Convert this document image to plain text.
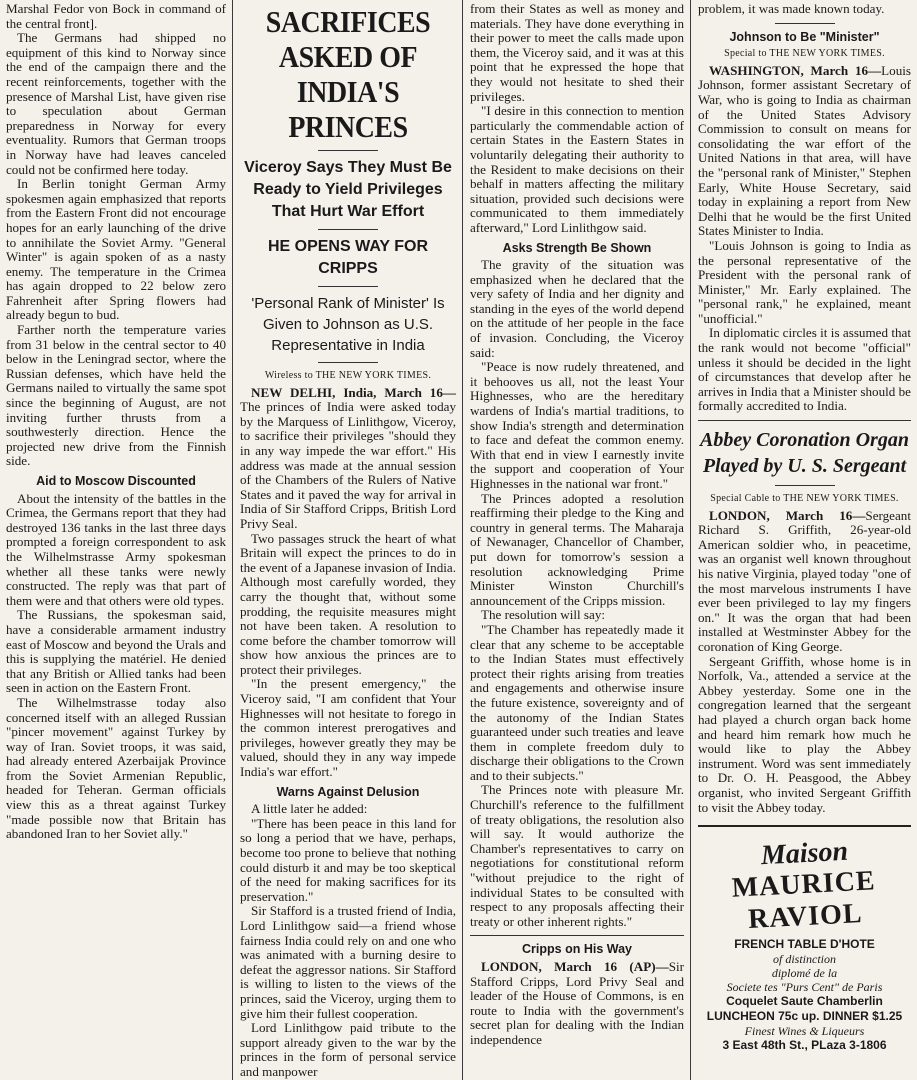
Marshal Fedor von Bock in command of the central front].

The Germans had shipped no equipment of this kind to Norway since the end of the campaign there and the recent reinforcements, together with the presence of Marshal List, have given rise to speculation about German preparedness in Norway for every eventuality. Rumors that German troops in Norway have had leaves canceled could not be confirmed here today.

In Berlin tonight German Army spokesmen again emphasized that reports from the Eastern Front did not encourage hopes for an early launching of the drive to annihilate the Soviet Army. "General Winter" is again spoken of as a nasty enemy. The temperature in the Crimea has again dropped to 22 below zero Fahrenheit after Spring flowers had already begun to bud.

Farther north the temperature varies from 31 below in the central sector to 40 below in the Leningrad sector, where the Russian defenses, which have held the Germans nailed to virtually the same spot since the beginning of August, are not inviting further thrusts from a southwesterly direction. Hence the projected new drive from the Finnish side.

Aid to Moscow Discounted

About the intensity of the battles in the Crimea, the Germans report that they had destroyed 136 tanks in the last three days prompted a foreign correspondent to ask the Wilhelmstrasse Army spokesman whether all these tanks were newly constructed. The reply was that part of them were and that others were old types.

The Russians, the spokesman said, have a considerable armament industry east of Moscow and beyond the Urals and this is supplying the matériel. He denied that any British or Allied tanks had been seen in action on the Eastern Front.

The Wilhelmstrasse today also concerned itself with an alleged Russian "pincer movement" against Turkey by way of Iran. Soviet troops, it was said, had already entered Azerbaijak Province from the Soviet Armenian Republic, headed for Teheran. German officials view this as a threat against Turkey "made possible now that Britain has abandoned Iran to her Soviet ally."

SACRIFICES ASKED OF INDIA'S PRINCES
Viceroy Says They Must Be Ready to Yield Privileges That Hurt War Effort
HE OPENS WAY FOR CRIPPS
'Personal Rank of Minister' Is Given to Johnson as U.S. Representative in India
Wireless to THE NEW YORK TIMES.

NEW DELHI, India, March 16—The princes of India were asked today by the Marquess of Linlithgow, Viceroy, to sacrifice their privileges "should they in any way impede the war effort." His address was made at the annual session of the Chambers of the Rulers of Native States and it paved the way for arrival in India of Sir Stafford Cripps, British Lord Privy Seal.

Two passages struck the heart of what Britain will expect the princes to do in the event of a Japanese invasion of India. Although most carefully worded, they carry the thought that, without some prodding, the requisite measures might not have been taken. A resolution to come before the chamber tomorrow will show how anxious the princes are to protect their privileges.

"In the present emergency," the Viceroy said, "I am confident that Your Highnesses will not hesitate to forego in the common interest prerogatives and privileges, however greatly they may be valued, should they in any way impede India's war effort."

Warns Against Delusion

A little later he added:

"There has been peace in this land for so long a period that we have, perhaps, become too prone to believe that nothing could disturb it and may be too skeptical of the need for making sacrifices for its preservation."

Sir Stafford is a trusted friend of India, Lord Linlithgow said—a friend whose fairness India could rely on and one who was animated with a burning desire to defeat the aggressor nations. Sir Stafford is willing to listen to the views of the princes, said the Viceroy, urging them to give him their fullest cooperation.

Lord Linlithgow paid tribute to the support already given to the war by the princes in the form of personal service and manpower

from their States as well as money and materials. They have done everything in their power to meet the calls made upon them, the Viceroy said, and it was at this point that he expressed the hope that they would not hesitate to shed their privileges.

"I desire in this connection to mention particularly the commendable action of certain States in the Eastern States in voluntarily delegating their authority to the Resident to make decisions on their behalf in matters affecting the military situation, provided such decisions were communicated to them immediately afterward," Lord Linlithgow said.

Asks Strength Be Shown

The gravity of the situation was emphasized when he declared that the very safety of India and her dignity and standing in the eyes of the world depend on the attitude of her people in the face of invasion. Concluding, the Viceroy said:

"Peace is now rudely threatened, and it behooves us all, not the least Your Highnesses, who are the hereditary wardens of India's martial traditions, to show India's strength and determination to face and defeat the common enemy. With that end in view I earnestly invite the support and cooperation of Your Highnesses in the national war front."

The Princes adopted a resolution reaffirming their pledge to the King and country in general terms. The Maharaja of Newanager, Chancellor of Chamber, put down for tomorrow's session a resolution acknowledging Prime Minister Winston Churchill's announcement of the Cripps mission.

The resolution will say:

"The Chamber has repeatedly made it clear that any scheme to be acceptable to the Indian States must effectively protect their rights arising from treaties and engagements and otherwise insure the future existence, sovereignty and of the autonomy of the Indian States guaranteed under such treaties and leave them in complete freedom duly to discharge their obligations to the Crown and to their subjects."

The Princes note with pleasure Mr. Churchill's reference to the fulfillment of treaty obligations, the resolution also will say. It would authorize the Chamber's representatives to carry on negotiations for constitutional reform "without prejudice to the right of individual States to be consulted with respect to any proposals affecting their treaty or other inherent rights."

Cripps on His Way

LONDON, March 16 (AP)—Sir Stafford Cripps, Lord Privy Seal and leader of the House of Commons, is en route to India with the government's secret plan for dealing with the Indian independence

problem, it was made known today.

Johnson to Be "Minister"
Special to THE NEW YORK TIMES.

WASHINGTON, March 16—Louis Johnson, former assistant Secretary of War, who is going to India as chairman of the United States Advisory Commission to consult on means for consolidating the war effort of the United Nations in that area, will have the "personal rank of Minister," Stephen Early, White House Secretary, said today in explaining a report from New Delhi that he would be the first United States Minister to India.

"Louis Johnson is going to India as the personal representative of the President with the personal rank of Minister," Mr. Early explained. The "personal rank," he explained, meant "unofficial."

In diplomatic circles it is assumed that the rank would not become "official" unless it should be decided in the light of circumstances that develop after he arrives in India that a Minister should be formally accredited to India.

Abbey Coronation Organ Played by U. S. Sergeant
Special Cable to THE NEW YORK TIMES.

LONDON, March 16—Sergeant Richard S. Griffith, 26-year-old American soldier who, in peacetime, was an organist well known throughout his native Virginia, played today "one of the most marvelous instruments I have ever been privileged to lay my fingers on." It was the organ that had been installed at Westminster Abbey for the coronation of King George.

Sergeant Griffith, whose home is in Norfolk, Va., attended a service at the Abbey yesterday. Some one in the congregation learned that the sergeant had played a church organ back home and heard him remark how much he would like to play the Abbey instrument. Word was sent immediately to Dr. O. H. Peasgood, the Abbey organist, who invited Sergeant Griffith to visit the Abbey today.

Maison
MAURICE RAVIOL
FRENCH TABLE D'HOTE
of distinction
diplomé de la
Societe tes "Purs Cent" de Paris
Coquelet Saute Chamberlin
LUNCHEON 75c up. DINNER $1.25
Finest Wines & Liqueurs
3 East 48th St., PLaza 3-1806
